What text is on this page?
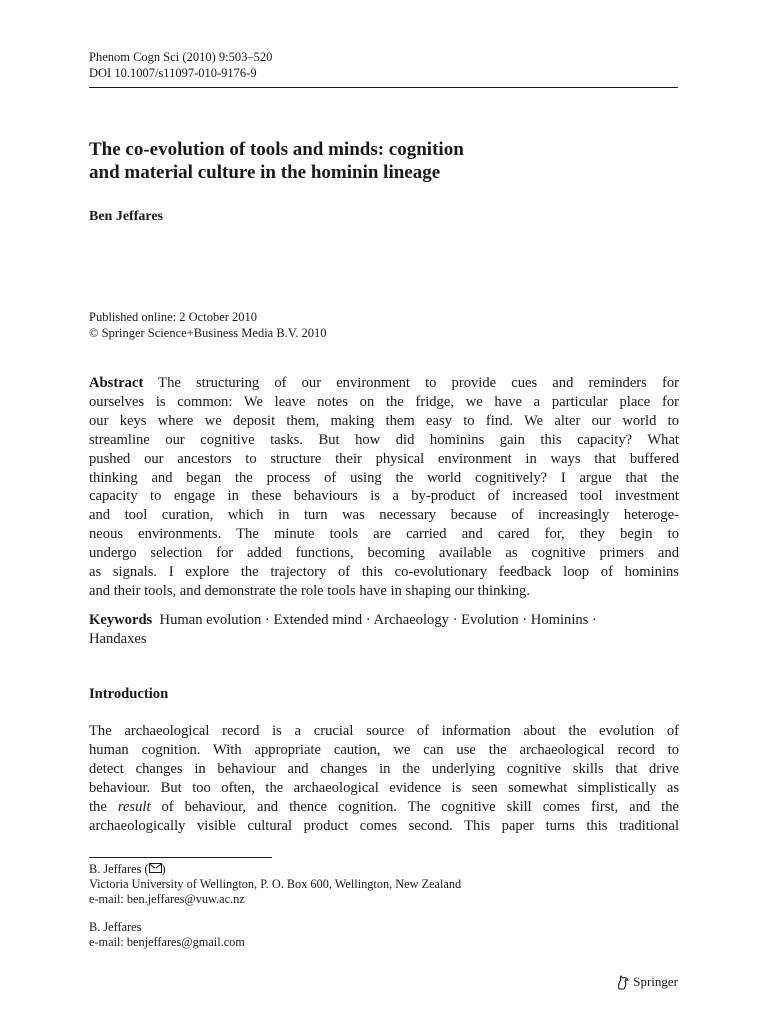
Phenom Cogn Sci (2010) 9:503–520
DOI 10.1007/s11097-010-9176-9
The co-evolution of tools and minds: cognition
and material culture in the hominin lineage
Ben Jeffares
Published online: 2 October 2010
© Springer Science+Business Media B.V. 2010
Abstract The structuring of our environment to provide cues and reminders for
ourselves is common: We leave notes on the fridge, we have a particular place for
our keys where we deposit them, making them easy to find. We alter our world to
streamline our cognitive tasks. But how did hominins gain this capacity? What
pushed our ancestors to structure their physical environment in ways that buffered
thinking and began the process of using the world cognitively? I argue that the
capacity to engage in these behaviours is a by-product of increased tool investment
and tool curation, which in turn was necessary because of increasingly heteroge-
neous environments. The minute tools are carried and cared for, they begin to
undergo selection for added functions, becoming available as cognitive primers and
as signals. I explore the trajectory of this co-evolutionary feedback loop of hominins
and their tools, and demonstrate the role tools have in shaping our thinking.
Keywords Human evolution · Extended mind · Archaeology · Evolution · Hominins ·
Handaxes
Introduction
The archaeological record is a crucial source of information about the evolution of
human cognition. With appropriate caution, we can use the archaeological record to
detect changes in behaviour and changes in the underlying cognitive skills that drive
behaviour. But too often, the archaeological evidence is seen somewhat simplistically as
the result of behaviour, and thence cognition. The cognitive skill comes first, and the
archaeologically visible cultural product comes second. This paper turns this traditional
B. Jeffares ( )
Victoria University of Wellington, P. O. Box 600, Wellington, New Zealand
e-mail: ben.jeffares@vuw.ac.nz
B. Jeffares
e-mail: benjeffares@gmail.com
Springer
